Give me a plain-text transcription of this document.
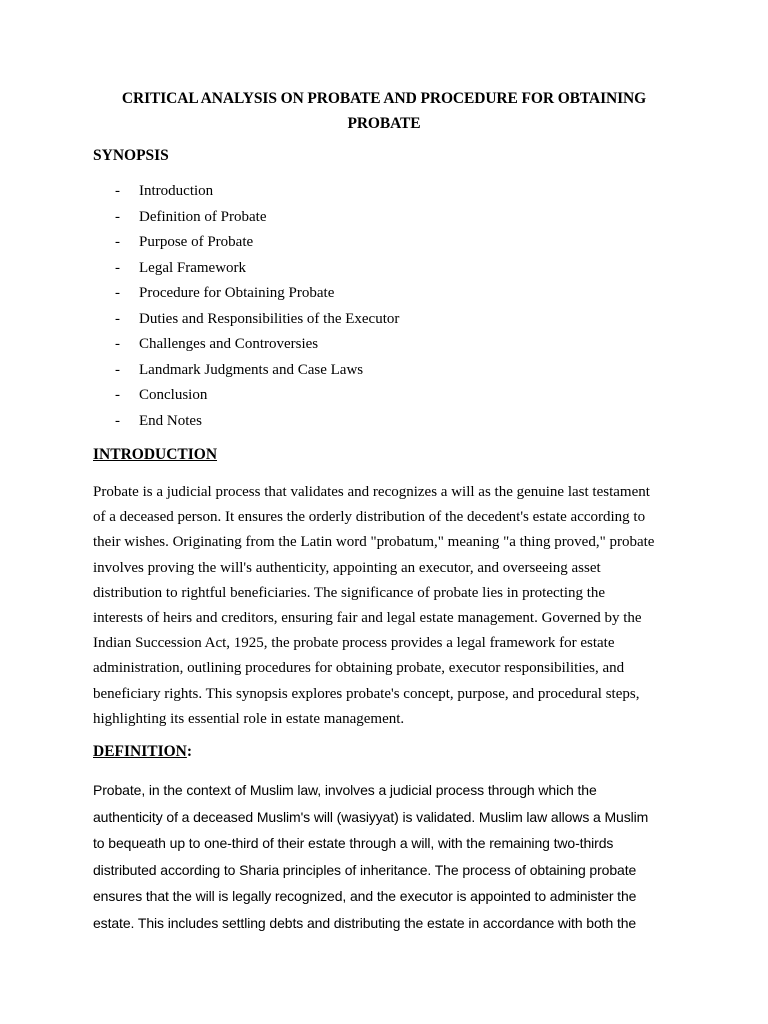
CRITICAL ANALYSIS ON PROBATE AND PROCEDURE FOR OBTAINING
PROBATE
SYNOPSIS
- Introduction
- Definition of Probate
- Purpose of Probate
- Legal Framework
- Procedure for Obtaining Probate
- Duties and Responsibilities of the Executor
- Challenges and Controversies
- Landmark Judgments and Case Laws
- Conclusion
- End Notes
INTRODUCTION

Probate is a judicial process that validates and recognizes a will as the genuine last testament
of a deceased person. It ensures the orderly distribution of the decedent's estate according to
their wishes. Originating from the Latin word "probatum," meaning "a thing proved," probate
involves proving the will's authenticity, appointing an executor, and overseeing asset
distribution to rightful beneficiaries. The significance of probate lies in protecting the
interests of heirs and creditors, ensuring fair and legal estate management. Governed by the
Indian Succession Act, 1925, the probate process provides a legal framework for estate
administration, outlining procedures for obtaining probate, executor responsibilities, and
beneficiary rights. This synopsis explores probate's concept, purpose, and procedural steps,
highlighting its essential role in estate management.

DEFINITION:

Probate, in the context of Muslim law, involves a judicial process through which the
authenticity of a deceased Muslim's will (wasiyyat) is validated. Muslim law allows a Muslim
to bequeath up to one-third of their estate through a will, with the remaining two-thirds
distributed according to Sharia principles of inheritance. The process of obtaining probate
ensures that the will is legally recognized, and the executor is appointed to administer the
estate. This includes settling debts and distributing the estate in accordance with both the
